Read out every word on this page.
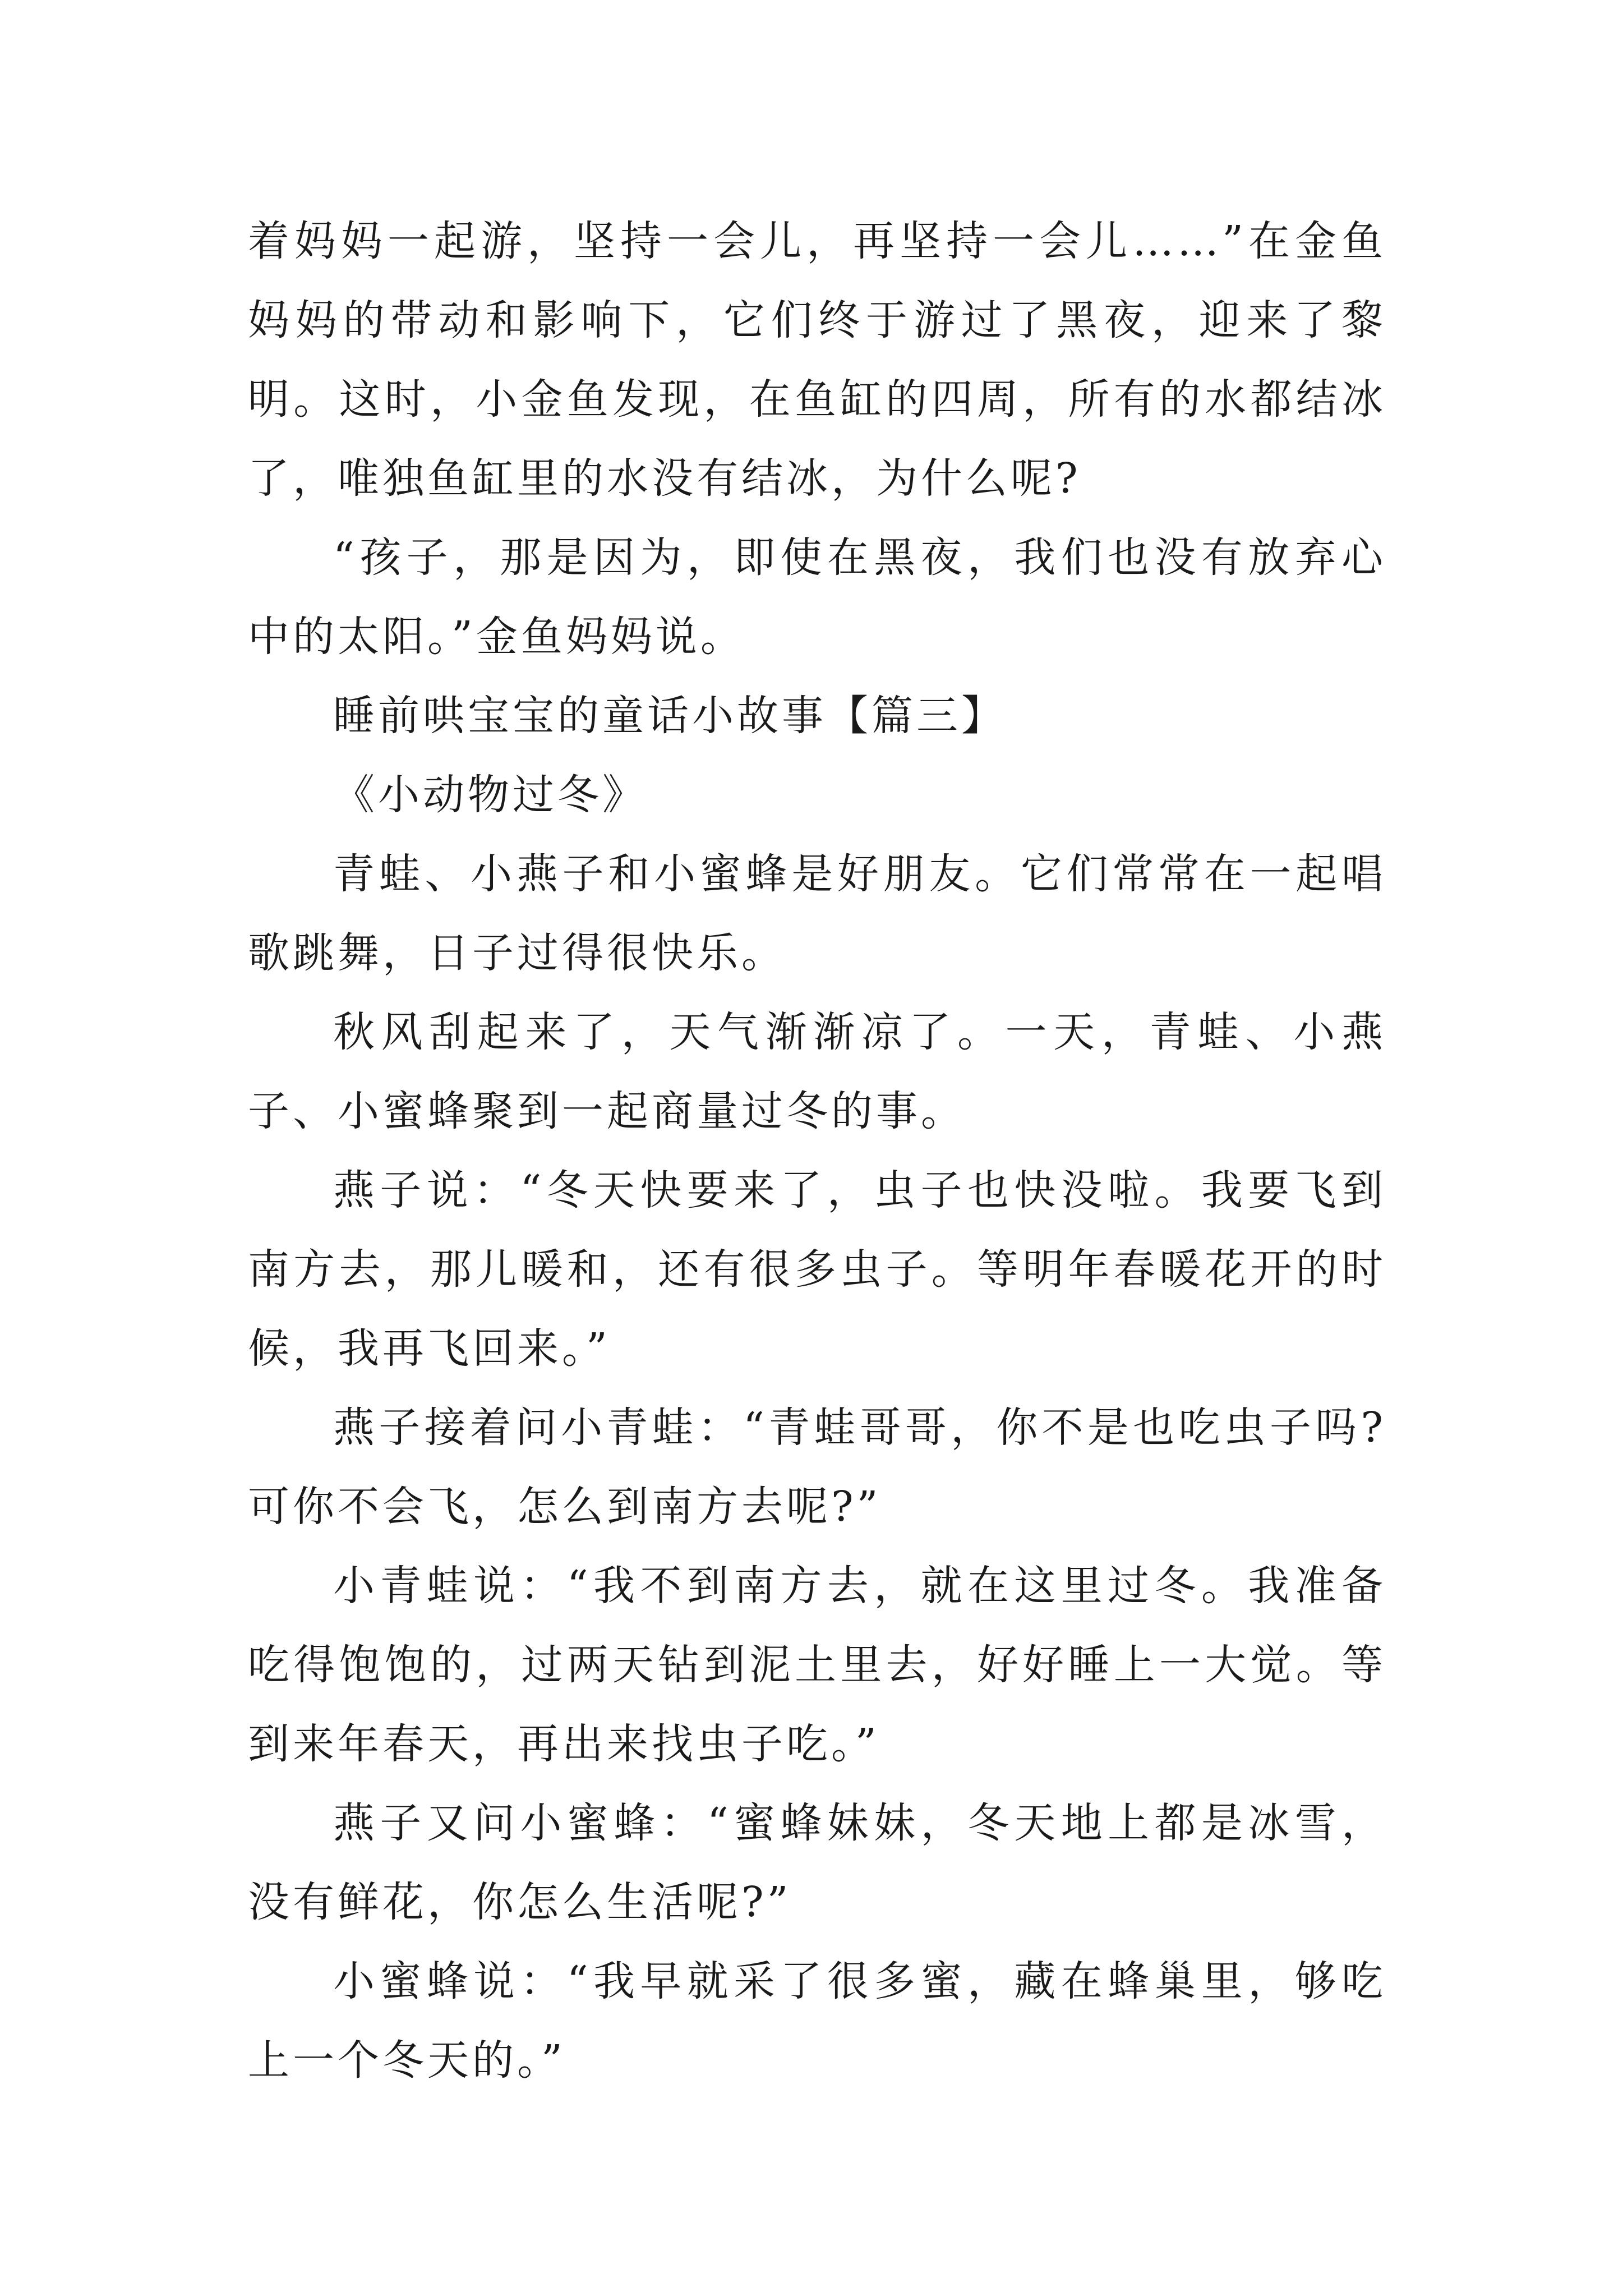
着妈妈一起游，坚持一会儿，再坚持一会儿……”在金鱼妈妈的带动和影响下，它们终于游过了黑夜，迎来了黎明。这时，小金鱼发现，在鱼缸的四周，所有的水都结冰了，唯独鱼缸里的水没有结冰，为什么呢?

“孩子，那是因为，即使在黑夜，我们也没有放弃心中的太阳。”金鱼妈妈说。

睡前哄宝宝的童话小故事【篇三】

《小动物过冬》

青蛙、小燕子和小蜜蜂是好朋友。它们常常在一起唱歌跳舞，日子过得很快乐。

秋风刮起来了，天气渐渐凉了。一天，青蛙、小燕子、小蜜蜂聚到一起商量过冬的事。

燕子说：“冬天快要来了，虫子也快没啦。我要飞到南方去，那儿暖和，还有很多虫子。等明年春暖花开的时候，我再飞回来。”

燕子接着问小青蛙：“青蛙哥哥，你不是也吃虫子吗?可你不会飞，怎么到南方去呢?”

小青蛙说：“我不到南方去，就在这里过冬。我准备吃得饱饱的，过两天钻到泥土里去，好好睡上一大觉。等到来年春天，再出来找虫子吃。”

燕子又问小蜜蜂：“蜜蜂妹妹，冬天地上都是冰雪，没有鲜花，你怎么生活呢?”

小蜜蜂说：“我早就采了很多蜜，藏在蜂巢里，够吃上一个冬天的。”
